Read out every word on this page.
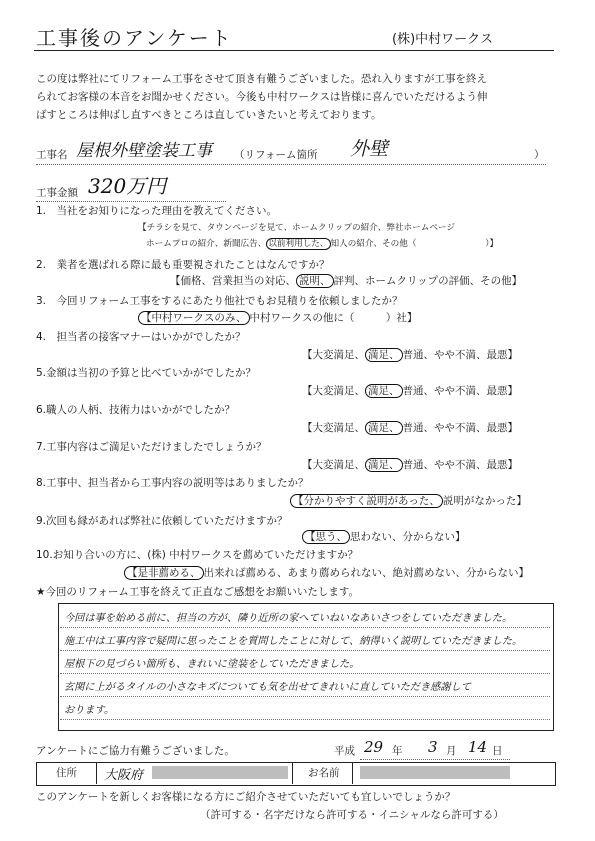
工事後のアンケート	(株)中村ワークス
この度は弊社にてリフォーム工事をさせて頂き有難うございました。恐れ入りますが工事を終え
られてお客様の本音をお聞かせください。今後も中村ワークスは皆様に喜んでいただけるよう伸
ばすところは伸ばし直すべきところは直していきたいと考えております。
工事名 屋根外壁塗装工事 （リフォーム箇所 外壁	）
工事金額 320万円
1.　当社をお知りになった理由を教えてください。
【チラシを見て、タウンページを見て、ホームクリップの紹介、弊社ホームページ
ホームプロの紹介、新聞広告、 以前利用した、 知人の紹介、その他（　　　　　　　　）】
2.　業者を選ばれる際に最も重要視されたことはなんですか？
【価格、営業担当の対応、 説明、 評判、ホームクリップの評価、その他】
3.　今回リフォーム工事をするにあたり他社でもお見積りを依頼しましたか？
【中村ワークスのみ、 中村ワークスの他に（　　　）社】
4.　担当者の接客マナーはいかがでしたか？
【大変満足、 満足、 普通、やや不満、最悪】
5.金額は当初の予算と比べていかがでしたか？
【大変満足、 満足、 普通、やや不満、最悪】
6.職人の人柄、技術力はいかがでしたか？
【大変満足、 満足、 普通、やや不満、最悪】
7.工事内容はご満足いただけましたでしょうか？
【大変満足、 満足、 普通、やや不満、最悪】
8.工事中、担当者から工事内容の説明等はありましたか？
【分かりやすく説明があった、 説明がなかった】
9.次回も縁があれば弊社に依頼していただけますか？
【思う、 思わない、分からない】
10.お知り合いの方に、(株) 中村ワークスを薦めていただけますか？
【是非薦める、 出来れば薦める、あまり薦められない、絶対薦めない、分からない】
★今回のリフォーム工事を終えて正直なご感想をお願いいたします。
今回は事を始める前に、担当の方が、隣り近所の家へていねいなあいさつをしていただきました。
施工中は工事内容で疑問に思ったことを質問したことに対して、納得いく説明していただきました。
屋根下の見づらい箇所も、きれいに塗装をしていただきました。
玄関に上がるタイルの小さなキズについても気を出せてきれいに直していただき感謝して
おります。
アンケートにご協力有難うございました。	平成 29 年 3 月 14 日
住所 大阪府	お名前
このアンケートを新しくお客様になる方にご紹介させていただいても宜しいでしょうか？
（許可する・名字だけなら許可する・イニシャルなら許可する）
